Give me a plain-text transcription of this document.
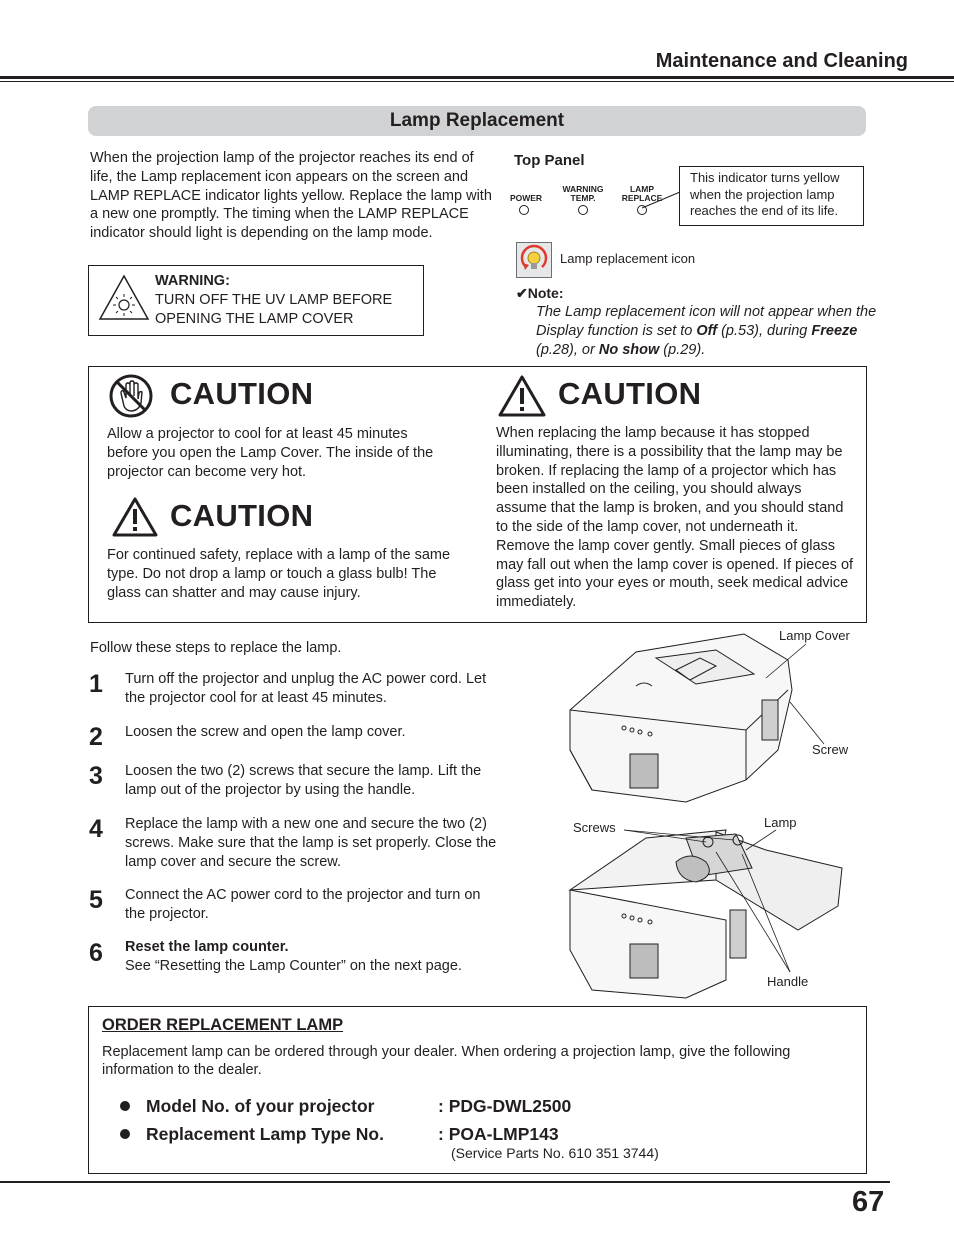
Maintenance and Cleaning
Lamp Replacement
When the projection lamp of the projector reaches its end of life, the Lamp replacement icon appears on the screen and LAMP REPLACE indicator lights yellow. Replace the lamp with a new one promptly. The timing when the LAMP REPLACE indicator should light is depending on the lamp mode.
WARNING:
TURN OFF THE UV LAMP BEFORE
OPENING THE LAMP COVER
Top Panel
POWER
WARNING
TEMP.
LAMP
REPLACE
This indicator turns yellow when the projection lamp reaches the end of its life.
Lamp replacement icon
✔Note:
The Lamp replacement icon will not appear when the Display function is set to Off (p.53), during Freeze (p.28), or No show (p.29).
CAUTION
Allow a projector to cool for at least 45 minutes before you open the Lamp Cover. The inside of the projector can become very hot.
CAUTION
For continued safety, replace with a lamp of the same type. Do not drop a lamp or touch a glass bulb! The glass can shatter and may cause injury.
CAUTION
When replacing the lamp because it has stopped illuminating, there is a possibility that the lamp may be broken. If replacing the lamp of a projector which has been installed on the ceiling, you should always assume that the lamp is broken, and you should stand to the side of the lamp cover, not underneath it. Remove the lamp cover gently. Small pieces of glass may fall out when the lamp cover is opened. If pieces of glass get into your eyes or mouth, seek medical advice immediately.
Follow these steps to replace the lamp.
1 Turn off the projector and unplug the AC power cord. Let the projector cool for at least 45 minutes.
2 Loosen the screw and open the lamp cover.
3 Loosen the two (2) screws that secure the lamp. Lift the lamp out of the projector by using the handle.
4 Replace the lamp with a new one and secure the two (2) screws. Make sure that the lamp is set properly. Close the lamp cover and secure the screw.
5 Connect the AC power cord to the projector and turn on the projector.
6 Reset the lamp counter.
See “Resetting the Lamp Counter” on the next page.
Lamp Cover
Screw
Screws	Lamp
Handle
ORDER REPLACEMENT LAMP
Replacement lamp can be ordered through your dealer. When ordering a projection lamp, give the following information to the dealer.
Model No. of your projector	: PDG-DWL2500
Replacement Lamp Type No.	: POA-LMP143
(Service Parts No. 610 351 3744)
67
